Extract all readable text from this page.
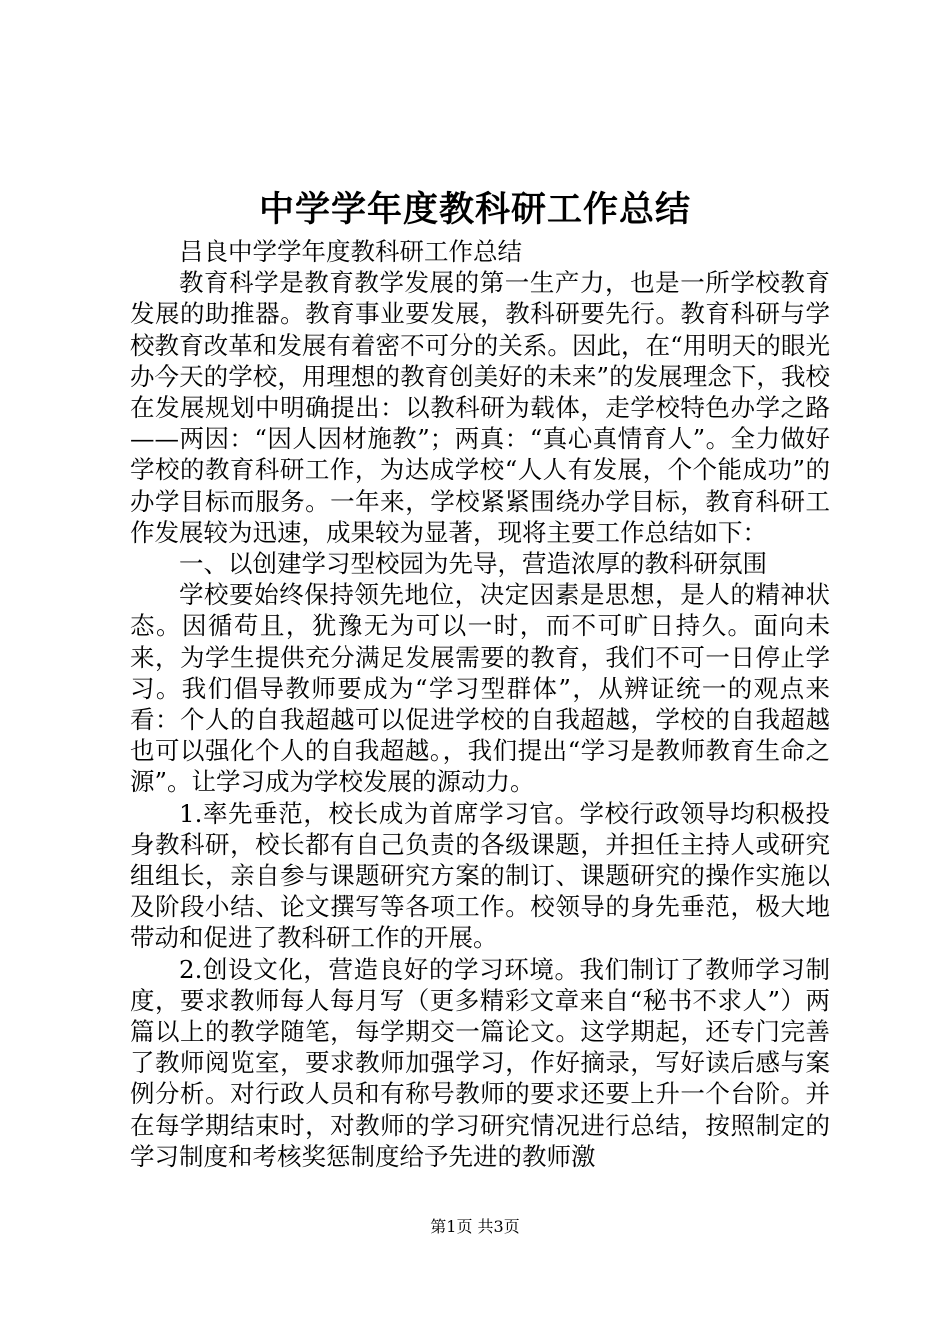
中学学年度教科研工作总结

吕良中学学年度教科研工作总结

教育科学是教育教学发展的第一生产力，也是一所学校教育发展的助推器。教育事业要发展，教科研要先行。教育科研与学校教育改革和发展有着密不可分的关系。因此，在“用明天的眼光办今天的学校，用理想的教育创美好的未来”的发展理念下，我校在发展规划中明确提出：以教科研为载体，走学校特色办学之路——两因：“因人因材施教”；两真：“真心真情育人”。全力做好学校的教育科研工作，为达成学校“人人有发展，个个能成功”的办学目标而服务。一年来，学校紧紧围绕办学目标，教育科研工作发展较为迅速，成果较为显著，现将主要工作总结如下：

一、以创建学习型校园为先导，营造浓厚的教科研氛围

学校要始终保持领先地位，决定因素是思想，是人的精神状态。因循苟且，犹豫无为可以一时，而不可旷日持久。面向未来，为学生提供充分满足发展需要的教育，我们不可一日停止学习。我们倡导教师要成为“学习型群体”，从辨证统一的观点来看：个人的自我超越可以促进学校的自我超越，学校的自我超越也可以强化个人的自我超越。，我们提出“学习是教师教育生命之源”。让学习成为学校发展的源动力。

1.率先垂范，校长成为首席学习官。学校行政领导均积极投身教科研，校长都有自己负责的各级课题，并担任主持人或研究组组长，亲自参与课题研究方案的制订、课题研究的操作实施以及阶段小结、论文撰写等各项工作。校领导的身先垂范，极大地带动和促进了教科研工作的开展。

2.创设文化，营造良好的学习环境。我们制订了教师学习制度，要求教师每人每月写（更多精彩文章来自“秘书不求人”）两篇以上的教学随笔，每学期交一篇论文。这学期起，还专门完善了教师阅览室，要求教师加强学习，作好摘录，写好读后感与案例分析。对行政人员和有称号教师的要求还要上升一个台阶。并在每学期结束时，对教师的学习研究情况进行总结，按照制定的学习制度和考核奖惩制度给予先进的教师激

第1页 共3页
